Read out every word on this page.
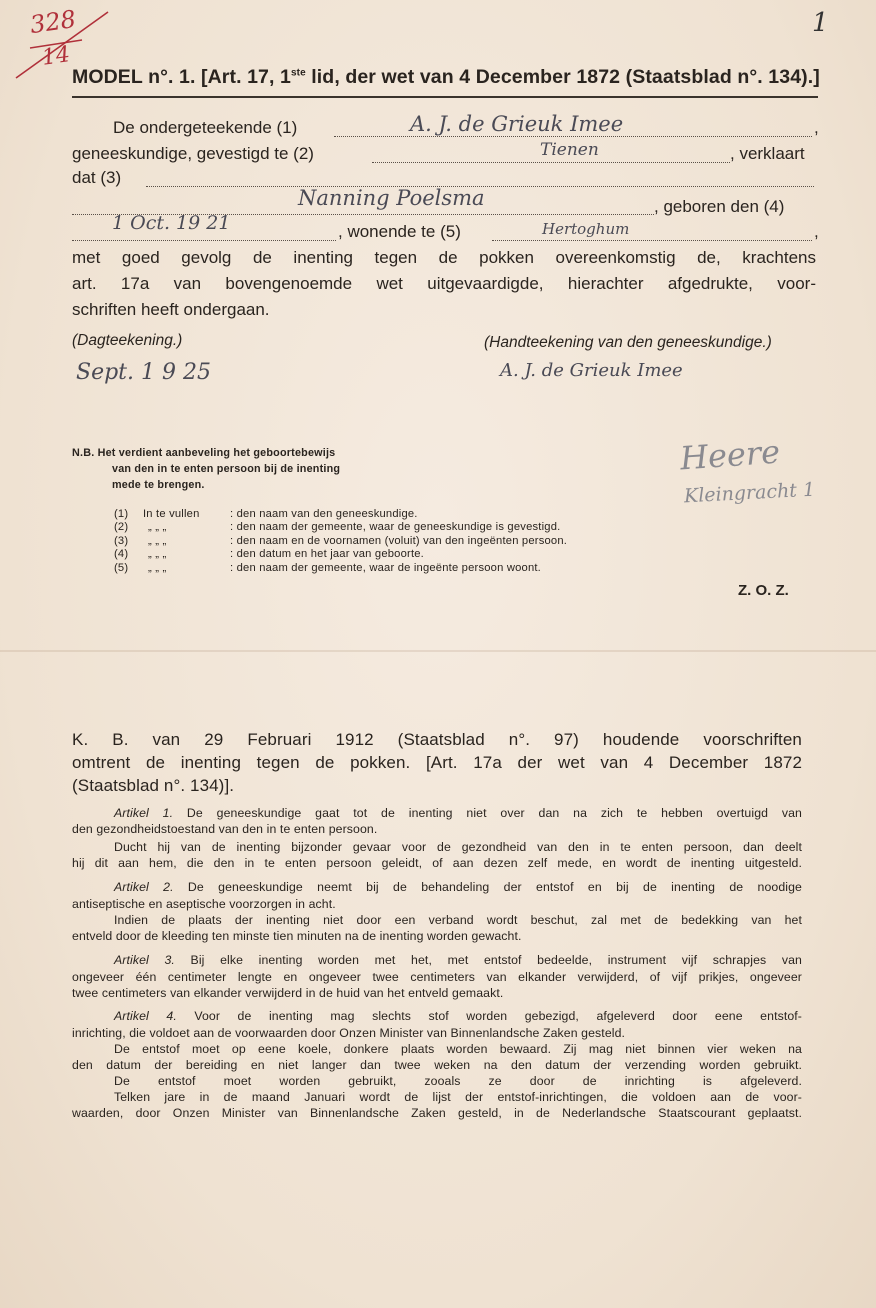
328
14
1
MODEL n°. 1. [Art. 17, 1ste lid, der wet van 4 December 1872 (Staatsblad n°. 134).]
De ondergeteekende (1)	,
A. J. de Grieuk Imee
geneeskundige, gevestigd te (2)	, verklaart
Tienen
dat (3)
, geboren den (4)
Nanning Poelsma
, wonende te (5)	,
1 Oct. 19 21	Hertoghum
met goed gevolg de inenting tegen de pokken overeenkomstig de, krachtens
art. 17a van bovengenoemde wet uitgevaardigde, hierachter afgedrukte, voor-
schriften heeft ondergaan.
(Dagteekening.)	(Handteekening van den geneeskundige.)
Sept. 1 9 25	A. J. de Grieuk Imee
Heere
Kleingracht 1
N.B. Het verdient aanbeveling het geboortebewijs
van den in te enten persoon bij de inenting
mede te brengen.
(1) In te vullen	: den naam van den geneeskundige.
(2) „ „ „	: den naam der gemeente, waar de geneeskundige is gevestigd.
(3) „ „ „	: den naam en de voornamen (voluit) van den ingeënten persoon.
(4) „ „ „	: den datum en het jaar van geboorte.
(5) „ „ „	: den naam der gemeente, waar de ingeënte persoon woont.
Z. O. Z.
K. B. van 29 Februari 1912 (Staatsblad n°. 97) houdende voorschriften
omtrent de inenting tegen de pokken. [Art. 17a der wet van 4 December 1872
(Staatsblad n°. 134)].
Artikel 1. De geneeskundige gaat tot de inenting niet over dan na zich te hebben overtuigd van
den gezondheidstoestand van den in te enten persoon.
Ducht hij van de inenting bijzonder gevaar voor de gezondheid van den in te enten persoon, dan deelt
hij dit aan hem, die den in te enten persoon geleidt, of aan dezen zelf mede, en wordt de inenting uitgesteld.
Artikel 2. De geneeskundige neemt bij de behandeling der entstof en bij de inenting de noodige
antiseptische en aseptische voorzorgen in acht.
Indien de plaats der inenting niet door een verband wordt beschut, zal met de bedekking van het
entveld door de kleeding ten minste tien minuten na de inenting worden gewacht.
Artikel 3. Bij elke inenting worden met het, met entstof bedeelde, instrument vijf schrapjes van
ongeveer één centimeter lengte en ongeveer twee centimeters van elkander verwijderd, of vijf prikjes, ongeveer
twee centimeters van elkander verwijderd in de huid van het entveld gemaakt.
Artikel 4. Voor de inenting mag slechts stof worden gebezigd, afgeleverd door eene entstof-
inrichting, die voldoet aan de voorwaarden door Onzen Minister van Binnenlandsche Zaken gesteld.
De entstof moet op eene koele, donkere plaats worden bewaard. Zij mag niet binnen vier weken na
den datum der bereiding en niet langer dan twee weken na den datum der verzending worden gebruikt.
De entstof moet worden gebruikt, zooals ze door de inrichting is afgeleverd.
Telken jare in de maand Januari wordt de lijst der entstof-inrichtingen, die voldoen aan de voor-
waarden, door Onzen Minister van Binnenlandsche Zaken gesteld, in de Nederlandsche Staatscourant geplaatst.
